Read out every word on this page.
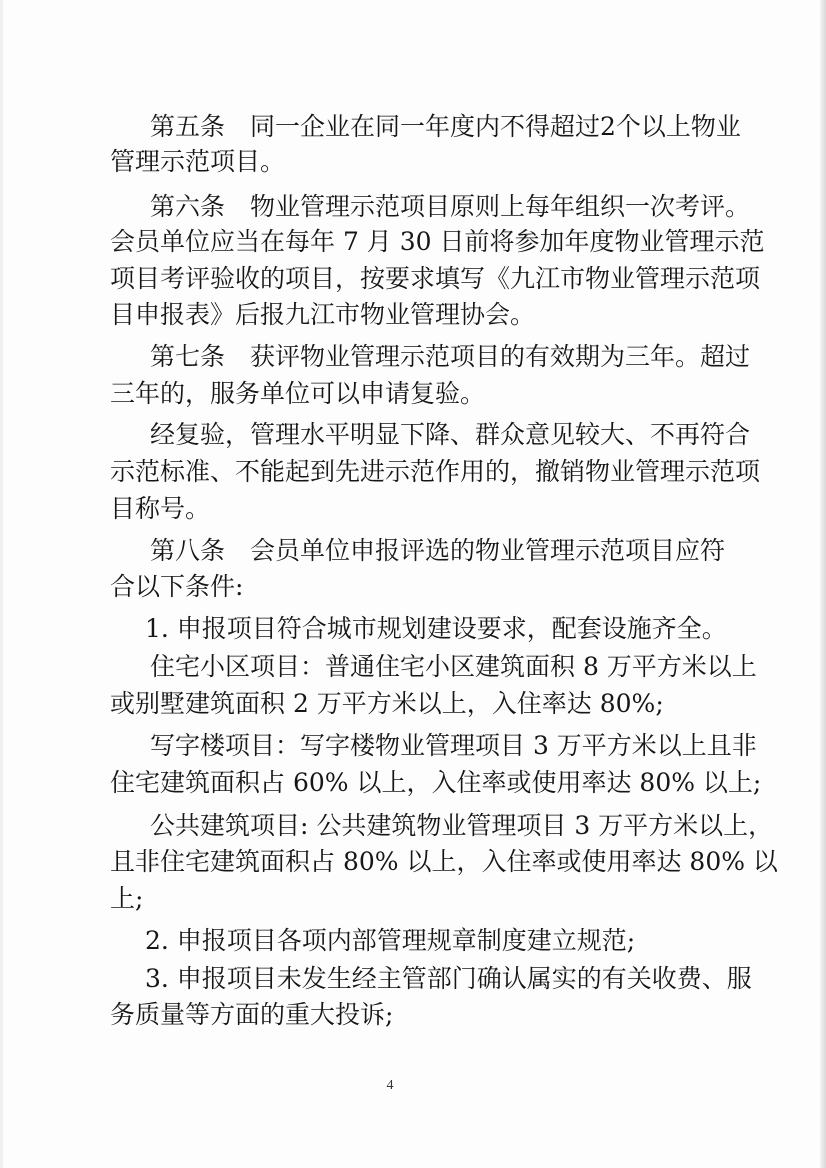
第五条　同一企业在同一年度内不得超过2个以上物业
管理示范项目。
第六条　物业管理示范项目原则上每年组织一次考评。
会员单位应当在每年 7 月 30 日前将参加年度物业管理示范
项目考评验收的项目，按要求填写《九江市物业管理示范项
目申报表》后报九江市物业管理协会。
第七条　获评物业管理示范项目的有效期为三年。超过
三年的，服务单位可以申请复验。
经复验，管理水平明显下降、群众意见较大、不再符合
示范标准、不能起到先进示范作用的，撤销物业管理示范项
目称号。
第八条　会员单位申报评选的物业管理示范项目应符
合以下条件:
1. 申报项目符合城市规划建设要求，配套设施齐全。
住宅小区项目：普通住宅小区建筑面积 8 万平方米以上
或别墅建筑面积 2 万平方米以上，入住率达 80%;
写字楼项目：写字楼物业管理项目 3 万平方米以上且非
住宅建筑面积占 60% 以上，入住率或使用率达 80% 以上;
公共建筑项目: 公共建筑物业管理项目 3 万平方米以上，
且非住宅建筑面积占 80% 以上，入住率或使用率达 80% 以
上;
2. 申报项目各项内部管理规章制度建立规范;
3. 申报项目未发生经主管部门确认属实的有关收费、服
务质量等方面的重大投诉;
4
